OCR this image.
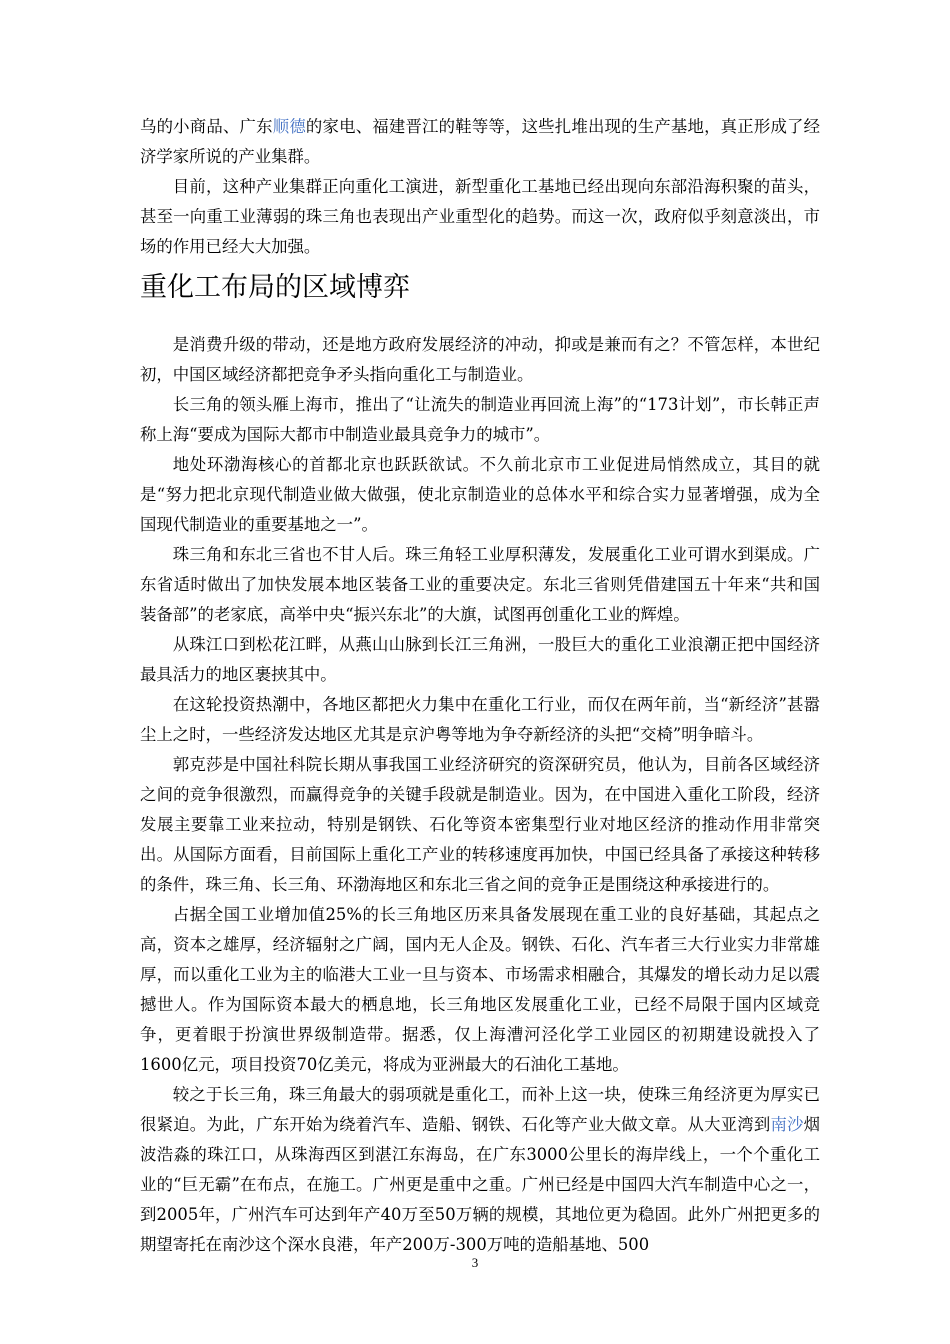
乌的小商品、广东顺德的家电、福建晋江的鞋等等，这些扎堆出现的生产基地，真正形成了经济学家所说的产业集群。

目前，这种产业集群正向重化工演进，新型重化工基地已经出现向东部沿海积聚的苗头，甚至一向重工业薄弱的珠三角也表现出产业重型化的趋势。而这一次，政府似乎刻意淡出，市场的作用已经大大加强。

重化工布局的区域博弈

是消费升级的带动，还是地方政府发展经济的冲动，抑或是兼而有之？不管怎样，本世纪初，中国区域经济都把竞争矛头指向重化工与制造业。

长三角的领头雁上海市，推出了“让流失的制造业再回流上海”的“173计划”，市长韩正声称上海“要成为国际大都市中制造业最具竞争力的城市”。

地处环渤海核心的首都北京也跃跃欲试。不久前北京市工业促进局悄然成立，其目的就是“努力把北京现代制造业做大做强，使北京制造业的总体水平和综合实力显著增强，成为全国现代制造业的重要基地之一”。

珠三角和东北三省也不甘人后。珠三角轻工业厚积薄发，发展重化工业可谓水到渠成。广东省适时做出了加快发展本地区装备工业的重要决定。东北三省则凭借建国五十年来“共和国装备部”的老家底，高举中央“振兴东北”的大旗，试图再创重化工业的辉煌。

从珠江口到松花江畔，从燕山山脉到长江三角洲，一股巨大的重化工业浪潮正把中国经济最具活力的地区裹挟其中。

在这轮投资热潮中，各地区都把火力集中在重化工行业，而仅在两年前，当“新经济”甚嚣尘上之时，一些经济发达地区尤其是京沪粤等地为争夺新经济的头把“交椅”明争暗斗。

郭克莎是中国社科院长期从事我国工业经济研究的资深研究员，他认为，目前各区域经济之间的竞争很激烈，而赢得竞争的关键手段就是制造业。因为，在中国进入重化工阶段，经济发展主要靠工业来拉动，特别是钢铁、石化等资本密集型行业对地区经济的推动作用非常突出。从国际方面看，目前国际上重化工产业的转移速度再加快，中国已经具备了承接这种转移的条件，珠三角、长三角、环渤海地区和东北三省之间的竞争正是围绕这种承接进行的。

占据全国工业增加值25%的长三角地区历来具备发展现在重工业的良好基础，其起点之高，资本之雄厚，经济辐射之广阔，国内无人企及。钢铁、石化、汽车者三大行业实力非常雄厚，而以重化工业为主的临港大工业一旦与资本、市场需求相融合，其爆发的增长动力足以震撼世人。作为国际资本最大的栖息地，长三角地区发展重化工业，已经不局限于国内区域竞争，更着眼于扮演世界级制造带。据悉，仅上海漕河泾化学工业园区的初期建设就投入了1600亿元，项目投资70亿美元，将成为亚洲最大的石油化工基地。

较之于长三角，珠三角最大的弱项就是重化工，而补上这一块，使珠三角经济更为厚实已很紧迫。为此，广东开始为绕着汽车、造船、钢铁、石化等产业大做文章。从大亚湾到南沙烟波浩淼的珠江口，从珠海西区到湛江东海岛，在广东3000公里长的海岸线上，一个个重化工业的“巨无霸”在布点，在施工。广州更是重中之重。广州已经是中国四大汽车制造中心之一，到2005年，广州汽车可达到年产40万至50万辆的规模，其地位更为稳固。此外广州把更多的期望寄托在南沙这个深水良港，年产200万-300万吨的造船基地、500

3
